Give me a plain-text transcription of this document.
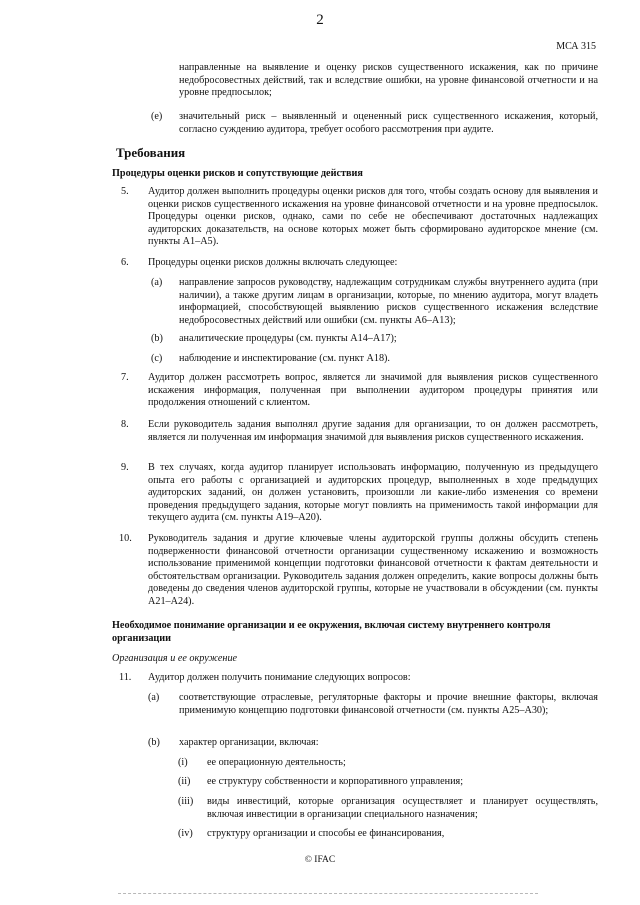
2
МСА 315
направленные на выявление и оценку рисков существенного искажения, как по причине недобросовестных действий, так и вследствие ошибки, на уровне финансовой отчетности и на уровне предпосылок;
(e) значительный риск – выявленный и оцененный риск существенного искажения, который, согласно суждению аудитора, требует особого рассмотрения при аудите.
Требования
Процедуры оценки рисков и сопутствующие действия
5. Аудитор должен выполнить процедуры оценки рисков для того, чтобы создать основу для выявления и оценки рисков существенного искажения на уровне финансовой отчетности и на уровне предпосылок. Процедуры оценки рисков, однако, сами по себе не обеспечивают достаточных надлежащих аудиторских доказательств, на основе которых может быть сформировано аудиторское мнение (см. пункты A1–A5).
6. Процедуры оценки рисков должны включать следующее:
(a) направление запросов руководству, надлежащим сотрудникам службы внутреннего аудита (при наличии), а также другим лицам в организации, которые, по мнению аудитора, могут владеть информацией, способствующей выявлению рисков существенного искажения вследствие недобросовестных действий или ошибки (см. пункты A6–A13);
(b) аналитические процедуры (см. пункты A14–A17);
(c) наблюдение и инспектирование (см. пункт A18).
7. Аудитор должен рассмотреть вопрос, является ли значимой для выявления рисков существенного искажения информация, полученная при выполнении аудитором процедуры принятия или продолжения отношений с клиентом.
8. Если руководитель задания выполнял другие задания для организации, то он должен рассмотреть, является ли полученная им информация значимой для выявления рисков существенного искажения.
9. В тех случаях, когда аудитор планирует использовать информацию, полученную из предыдущего опыта его работы с организацией и аудиторских процедур, выполненных в ходе предыдущих аудиторских заданий, он должен установить, произошли ли какие-либо изменения со времени проведения предыдущего задания, которые могут повлиять на применимость такой информации для текущего аудита (см. пункты A19–A20).
10. Руководитель задания и другие ключевые члены аудиторской группы должны обсудить степень подверженности финансовой отчетности организации существенному искажению и возможность использование применимой концепции подготовки финансовой отчетности к фактам деятельности и обстоятельствам организации. Руководитель задания должен определить, какие вопросы должны быть доведены до сведения членов аудиторской группы, которые не участвовали в обсуждении (см. пункты A21–A24).
Необходимое понимание организации и ее окружения, включая систему внутреннего контроля организации
Организация и ее окружение
11. Аудитор должен получить понимание следующих вопросов:
(a) соответствующие отраслевые, регуляторные факторы и прочие внешние факторы, включая применимую концепцию подготовки финансовой отчетности (см. пункты A25–A30);
(b) характер организации, включая:
(i) ее операционную деятельность;
(ii) ее структуру собственности и корпоративного управления;
(iii) виды инвестиций, которые организация осуществляет и планирует осуществлять, включая инвестиции в организации специального назначения;
(iv) структуру организации и способы ее финансирования,
© IFAC
